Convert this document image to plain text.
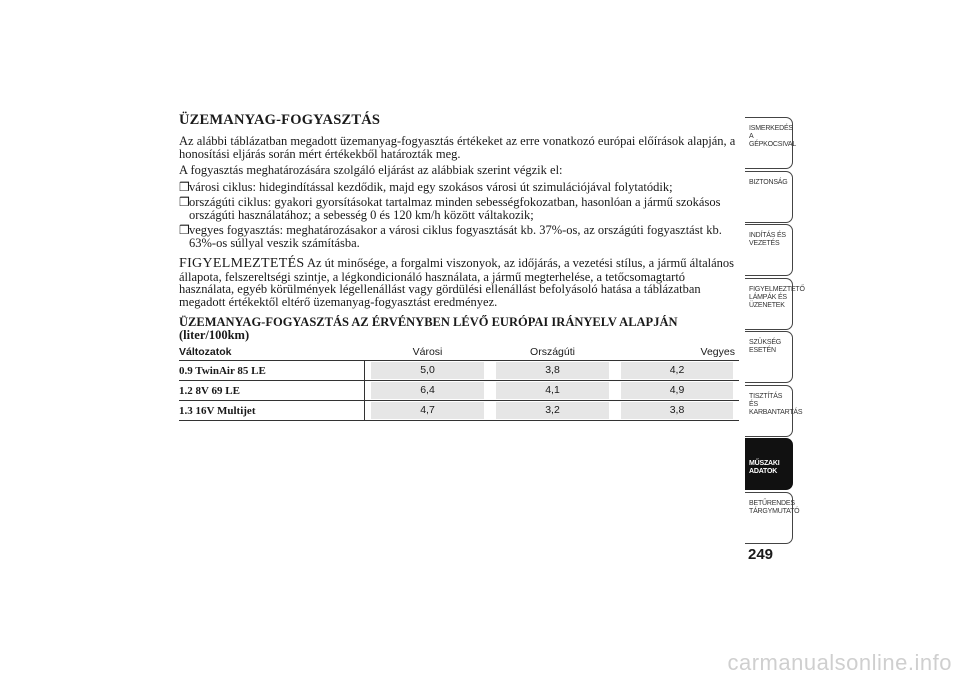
ÜZEMANYAG-FOGYASZTÁS
Az alábbi táblázatban megadott üzemanyag-fogyasztás értékeket az erre vonatkozó európai előírások alapján, a honosítási eljárás során mért értékekből határozták meg.
A fogyasztás meghatározására szolgáló eljárást az alábbiak szerint végzik el:
❒ városi ciklus: hidegindítással kezdődik, majd egy szokásos városi út szimulációjával folytatódik;
❒ országúti ciklus: gyakori gyorsításokat tartalmaz minden sebességfokozatban, hasonlóan a jármű szokásos országúti használatához; a sebesség 0 és 120 km/h között váltakozik;
❒ vegyes fogyasztás: meghatározásakor a városi ciklus fogyasztását kb. 37%-os, az országúti fogyasztást kb. 63%-os súllyal veszik számításba.
FIGYELMEZTETÉS Az út minősége, a forgalmi viszonyok, az időjárás, a vezetési stílus, a jármű általános állapota, felszereltségi szintje, a légkondicionáló használata, a jármű megterhelése, a tetőcsomagtartó használata, egyéb körülmények légellenállást vagy gördülési ellenállást befolyásoló hatása a táblázatban megadott értékektől eltérő üzemanyag-fogyasztást eredményez.
ÜZEMANYAG-FOGYASZTÁS AZ ÉRVÉNYBEN LÉVŐ EURÓPAI IRÁNYELV ALAPJÁN (liter/100km)
Változatok	Városi	Országúti	Vegyes
0.9 TwinAir 85 LE	5,0	3,8	4,2

1.2 8V 69 LE	6,4	4,1	4,9

1.3 16V Multijet	4,7	3,2	3,8
ISMERKEDÉS A GÉPKOCSIVAL
BIZTONSÁG
INDÍTÁS ÉS VEZETÉS
FIGYELMEZTETŐ LÁMPÁK ÉS ÜZENETEK
SZÜKSÉG ESETÉN
TISZTÍTÁS ÉS KARBANTARTÁS
MŰSZAKI ADATOK
BETŰRENDES TÁRGYMUTATÓ
249
carmanualsonline.info
